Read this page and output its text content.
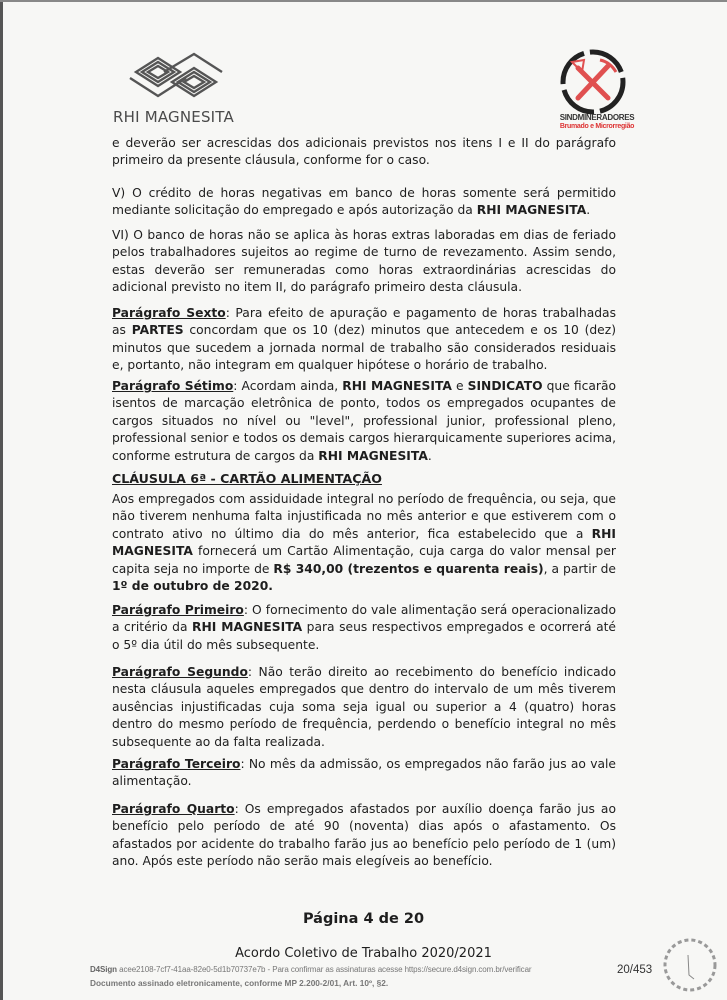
RHI MAGNESITA	SINDMINERADORES
Brumado e Microrregião
e deverão ser acrescidas dos adicionais previstos nos itens I e II do parágrafo primeiro da presente cláusula, conforme for o caso.
V) O crédito de horas negativas em banco de horas somente será permitido mediante solicitação do empregado e após autorização da RHI MAGNESITA.
VI) O banco de horas não se aplica às horas extras laboradas em dias de feriado pelos trabalhadores sujeitos ao regime de turno de revezamento. Assim sendo, estas deverão ser remuneradas como horas extraordinárias acrescidas do adicional previsto no item II, do parágrafo primeiro desta cláusula.
Parágrafo Sexto: Para efeito de apuração e pagamento de horas trabalhadas as PARTES concordam que os 10 (dez) minutos que antecedem e os 10 (dez) minutos que sucedem a jornada normal de trabalho são considerados residuais e, portanto, não integram em qualquer hipótese o horário de trabalho.
Parágrafo Sétimo: Acordam ainda, RHI MAGNESITA e SINDICATO que ficarão isentos de marcação eletrônica de ponto, todos os empregados ocupantes de cargos situados no nível ou "level", professional junior, professional pleno, professional senior e todos os demais cargos hierarquicamente superiores acima, conforme estrutura de cargos da RHI MAGNESITA.
CLÁUSULA 6ª - CARTÃO ALIMENTAÇÃO
Aos empregados com assiduidade integral no período de frequência, ou seja, que não tiverem nenhuma falta injustificada no mês anterior e que estiverem com o contrato ativo no último dia do mês anterior, fica estabelecido que a RHI MAGNESITA fornecerá um Cartão Alimentação, cuja carga do valor mensal per capita seja no importe de R$ 340,00 (trezentos e quarenta reais), a partir de 1º de outubro de 2020.
Parágrafo Primeiro: O fornecimento do vale alimentação será operacionalizado a critério da RHI MAGNESITA para seus respectivos empregados e ocorrerá até o 5º dia útil do mês subsequente.
Parágrafo Segundo: Não terão direito ao recebimento do benefício indicado nesta cláusula aqueles empregados que dentro do intervalo de um mês tiverem ausências injustificadas cuja soma seja igual ou superior a 4 (quatro) horas dentro do mesmo período de frequência, perdendo o benefício integral no mês subsequente ao da falta realizada.
Parágrafo Terceiro: No mês da admissão, os empregados não farão jus ao vale alimentação.
Parágrafo Quarto: Os empregados afastados por auxílio doença farão jus ao benefício pelo período de até 90 (noventa) dias após o afastamento. Os afastados por acidente do trabalho farão jus ao benefício pelo período de 1 (um) ano. Após este período não serão mais elegíveis ao benefício.
Página 4 de 20
Acordo Coletivo de Trabalho 2020/2021
D4Sign acee2108-7cf7-41aa-82e0-5d1b70737e7b - Para confirmar as assinaturas acesse https://secure.d4sign.com.br/verificar
Documento assinado eletronicamente, conforme MP 2.200-2/01, Art. 10º, §2.
20/453
